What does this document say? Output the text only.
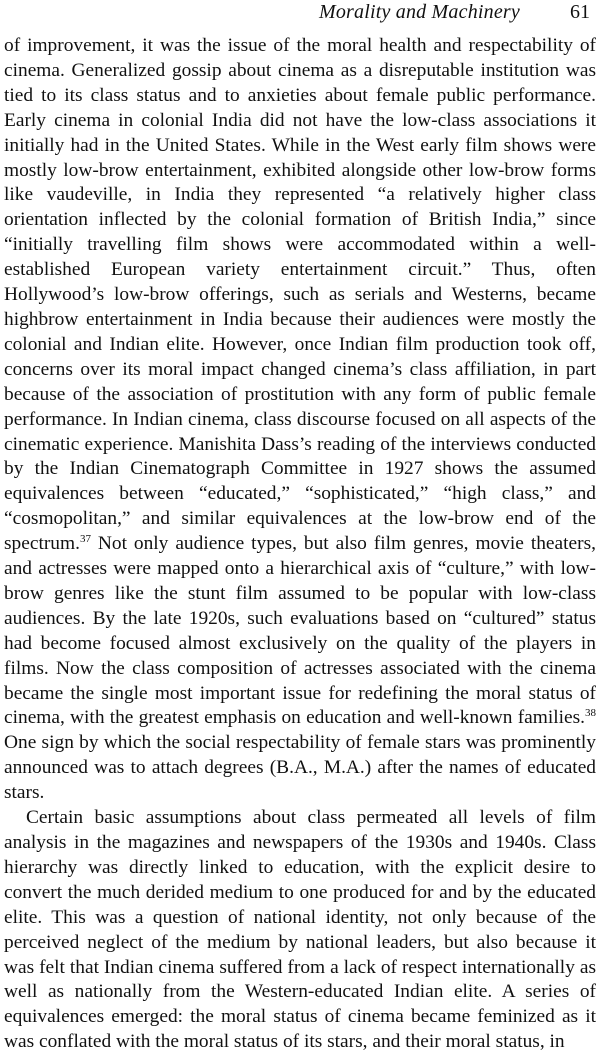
Morality and Machinery	61

of improvement, it was the issue of the moral health and respectability of cinema. Generalized gossip about cinema as a disreputable institution was tied to its class status and to anxieties about female public performance. Early cinema in colonial India did not have the low-class associations it initially had in the United States. While in the West early film shows were mostly low-brow entertainment, exhibited alongside other low-brow forms like vaudeville, in India they represented “a relatively higher class orientation inflected by the colonial formation of British India,” since “initially travelling film shows were accommodated within a well-established European variety entertainment circuit.” Thus, often Hollywood’s low-brow offerings, such as serials and Westerns, became highbrow entertainment in India because their audiences were mostly the colonial and Indian elite. However, once Indian film production took off, concerns over its moral impact changed cinema’s class affiliation, in part because of the association of prostitution with any form of public female performance. In Indian cinema, class discourse focused on all aspects of the cinematic experience. Manishita Dass’s reading of the interviews conducted by the Indian Cinematograph Committee in 1927 shows the assumed equivalences between “educated,” “sophisticated,” “high class,” and “cosmopolitan,” and similar equivalences at the low-brow end of the spectrum.$^{37}$ Not only audience types, but also film genres, movie theaters, and actresses were mapped onto a hierarchical axis of “culture,” with low-brow genres like the stunt film assumed to be popular with low-class audiences. By the late 1920s, such evaluations based on “cultured” status had become focused almost exclusively on the quality of the players in films. Now the class composition of actresses associated with the cinema became the single most important issue for redefining the moral status of cinema, with the greatest emphasis on education and well-known families.$^{38}$ One sign by which the social respectability of female stars was prominently announced was to attach degrees (B.A., M.A.) after the names of educated stars.

Certain basic assumptions about class permeated all levels of film analysis in the magazines and newspapers of the 1930s and 1940s. Class hierarchy was directly linked to education, with the explicit desire to convert the much derided medium to one produced for and by the educated elite. This was a question of national identity, not only because of the perceived neglect of the medium by national leaders, but also because it was felt that Indian cinema suffered from a lack of respect internationally as well as nationally from the Western-educated Indian elite. A series of equivalences emerged: the moral status of cinema became feminized as it was conflated with the moral status of its stars, and their moral status, in
